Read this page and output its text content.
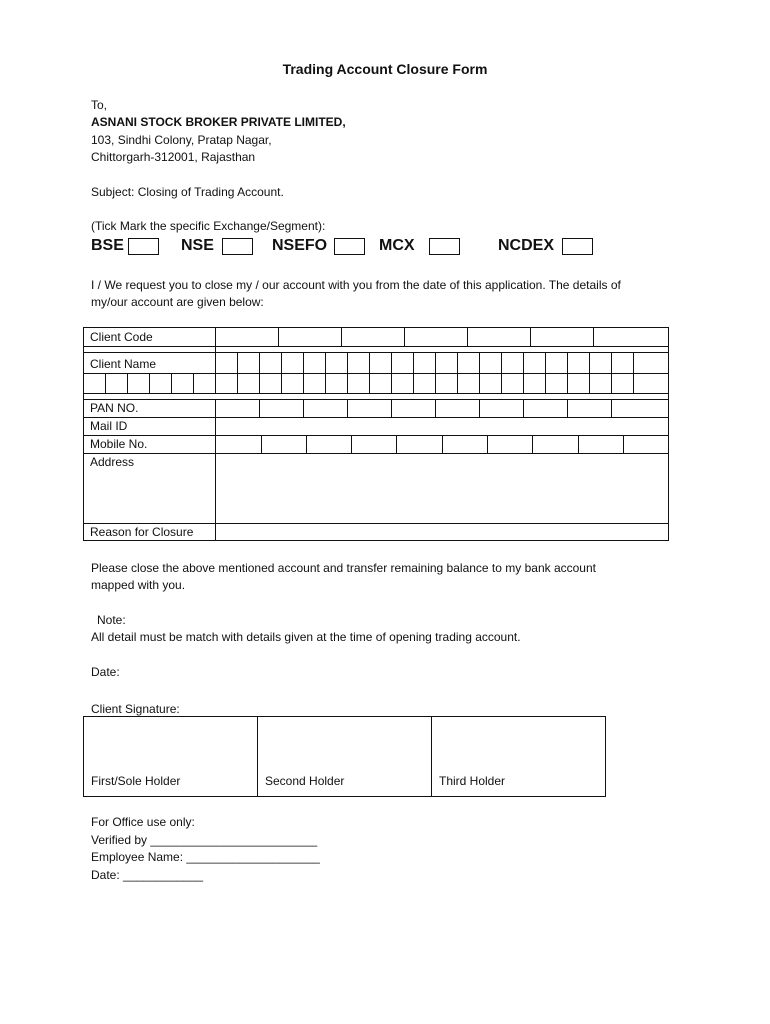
Trading Account Closure Form
To,
ASNANI STOCK BROKER PRIVATE LIMITED,
103, Sindhi Colony, Pratap Nagar,
Chittorgarh-312001, Rajasthan
Subject: Closing of Trading Account.
(Tick Mark the specific Exchange/Segment):
BSE	NSE	NSEFO	MCX	NCDEX
I / We request you to close my / our account with you from the date of this application. The details of
my/our account are given below:
Client Code
Client Name
PAN NO.
Mail ID
Mobile No.
Address
Reason for Closure
Please close the above mentioned account and transfer remaining balance to my bank account
mapped with you.
Note:
All detail must be match with details given at the time of opening trading account.
Date:
Client Signature:
First/Sole Holder	Second Holder	Third Holder
For Office use only:
Verified by _________________________
Employee Name: ____________________
Date: ____________
